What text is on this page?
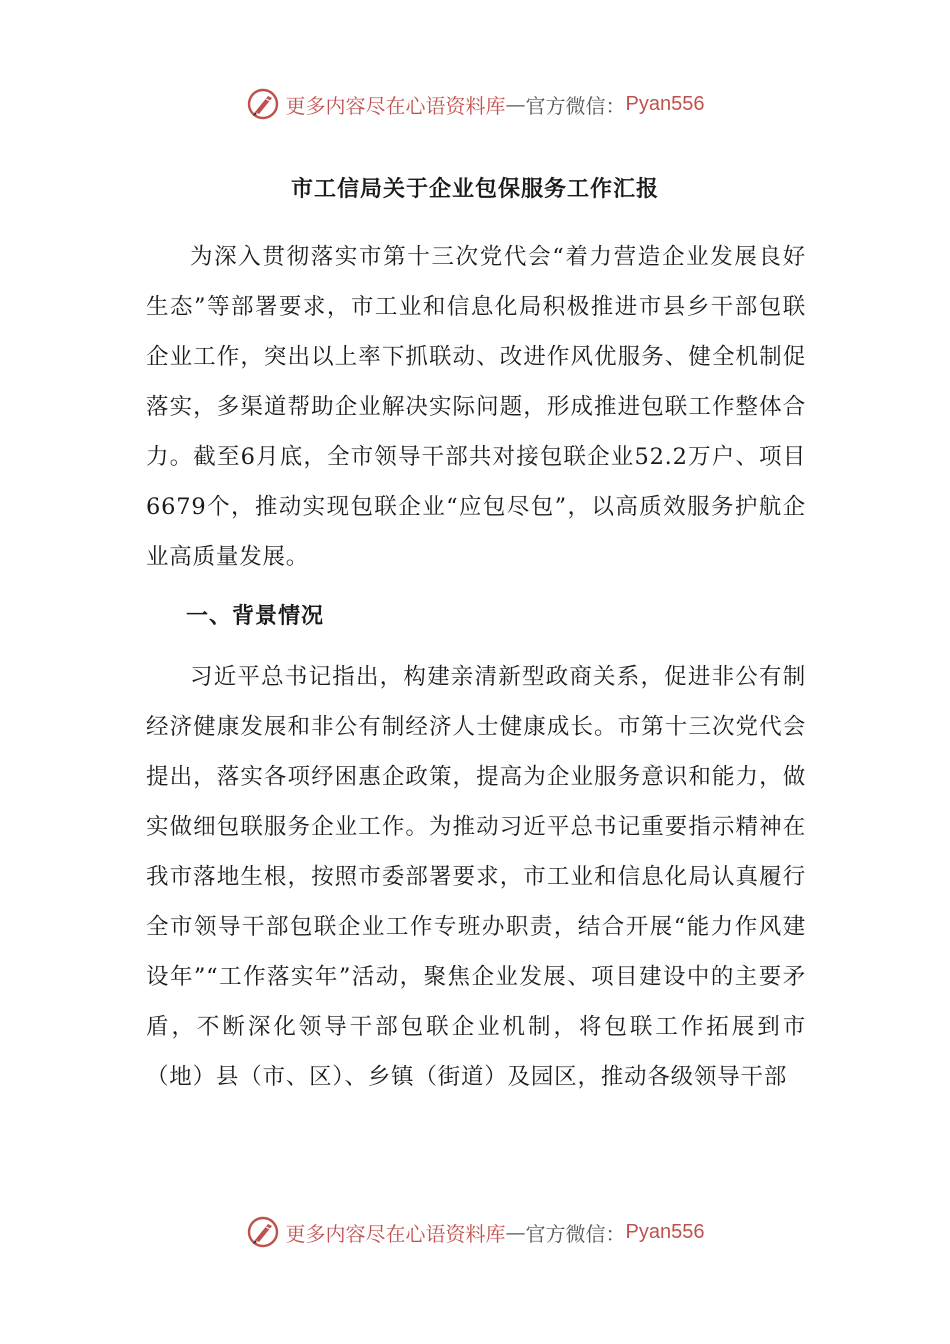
更多内容尽在心语资料库 — 官方微信： Pyan556
市工信局关于企业包保服务工作汇报

为深入贯彻落实市第十三次党代会“着力营造企业发展良好生态”等部署要求，市工业和信息化局积极推进市县乡干部包联企业工作，突出以上率下抓联动、改进作风优服务、健全机制促落实，多渠道帮助企业解决实际问题，形成推进包联工作整体合力。截至6月底，全市领导干部共对接包联企业52.2万户、项目6679个，推动实现包联企业“应包尽包”，以高质效服务护航企业高质量发展。

一、背景情况

习近平总书记指出，构建亲清新型政商关系，促进非公有制经济健康发展和非公有制经济人士健康成长。市第十三次党代会提出，落实各项纾困惠企政策，提高为企业服务意识和能力，做实做细包联服务企业工作。为推动习近平总书记重要指示精神在我市落地生根，按照市委部署要求，市工业和信息化局认真履行全市领导干部包联企业工作专班办职责，结合开展“能力作风建设年”“工作落实年”活动，聚焦企业发展、项目建设中的主要矛盾，不断深化领导干部包联企业机制，将包联工作拓展到市（地）县（市、区）、乡镇（街道）及园区，推动各级领导干部

更多内容尽在心语资料库 — 官方微信： Pyan556
